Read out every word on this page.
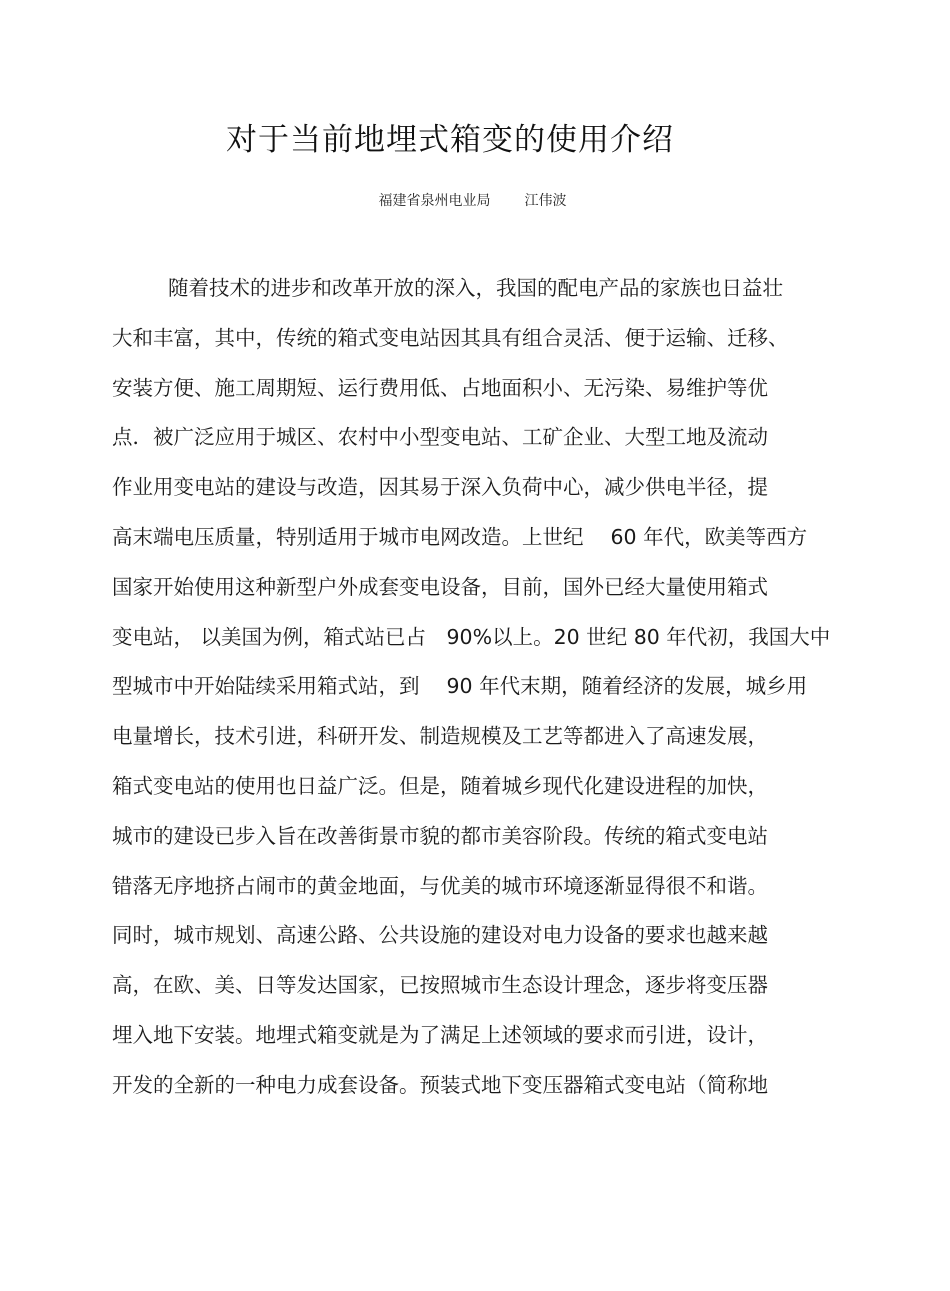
对于当前地埋式箱变的使用介绍
福建省泉州电业局 江伟波
随着技术的进步和改革开放的深入，我国的配电产品的家族也日益壮
大和丰富，其中，传统的箱式变电站因其具有组合灵活、便于运输、迁移、
安装方便、施工周期短、运行费用低、占地面积小、无污染、易维护等优
点．被广泛应用于城区、农村中小型变电站、工矿企业、大型工地及流动
作业用变电站的建设与改造，因其易于深入负荷中心，减少供电半径，提
高末端电压质量，特别适用于城市电网改造。上世纪　 60 年代，欧美等西方
国家开始使用这种新型户外成套变电设备，目前，国外已经大量使用箱式
变电站， 以美国为例，箱式站已占　90%以上。20 世纪 80 年代初，我国大中
型城市中开始陆续采用箱式站，到　 90 年代末期，随着经济的发展，城乡用
电量增长，技术引进，科研开发、制造规模及工艺等都进入了高速发展，
箱式变电站的使用也日益广泛。但是，随着城乡现代化建设进程的加快，
城市的建设已步入旨在改善街景市貌的都市美容阶段。传统的箱式变电站
错落无序地挤占闹市的黄金地面，与优美的城市环境逐渐显得很不和谐。
同时，城市规划、高速公路、公共设施的建设对电力设备的要求也越来越
高，在欧、美、日等发达国家，已按照城市生态设计理念，逐步将变压器
埋入地下安装。地埋式箱变就是为了满足上述领域的要求而引进，设计，
开发的全新的一种电力成套设备。预装式地下变压器箱式变电站（简称地
